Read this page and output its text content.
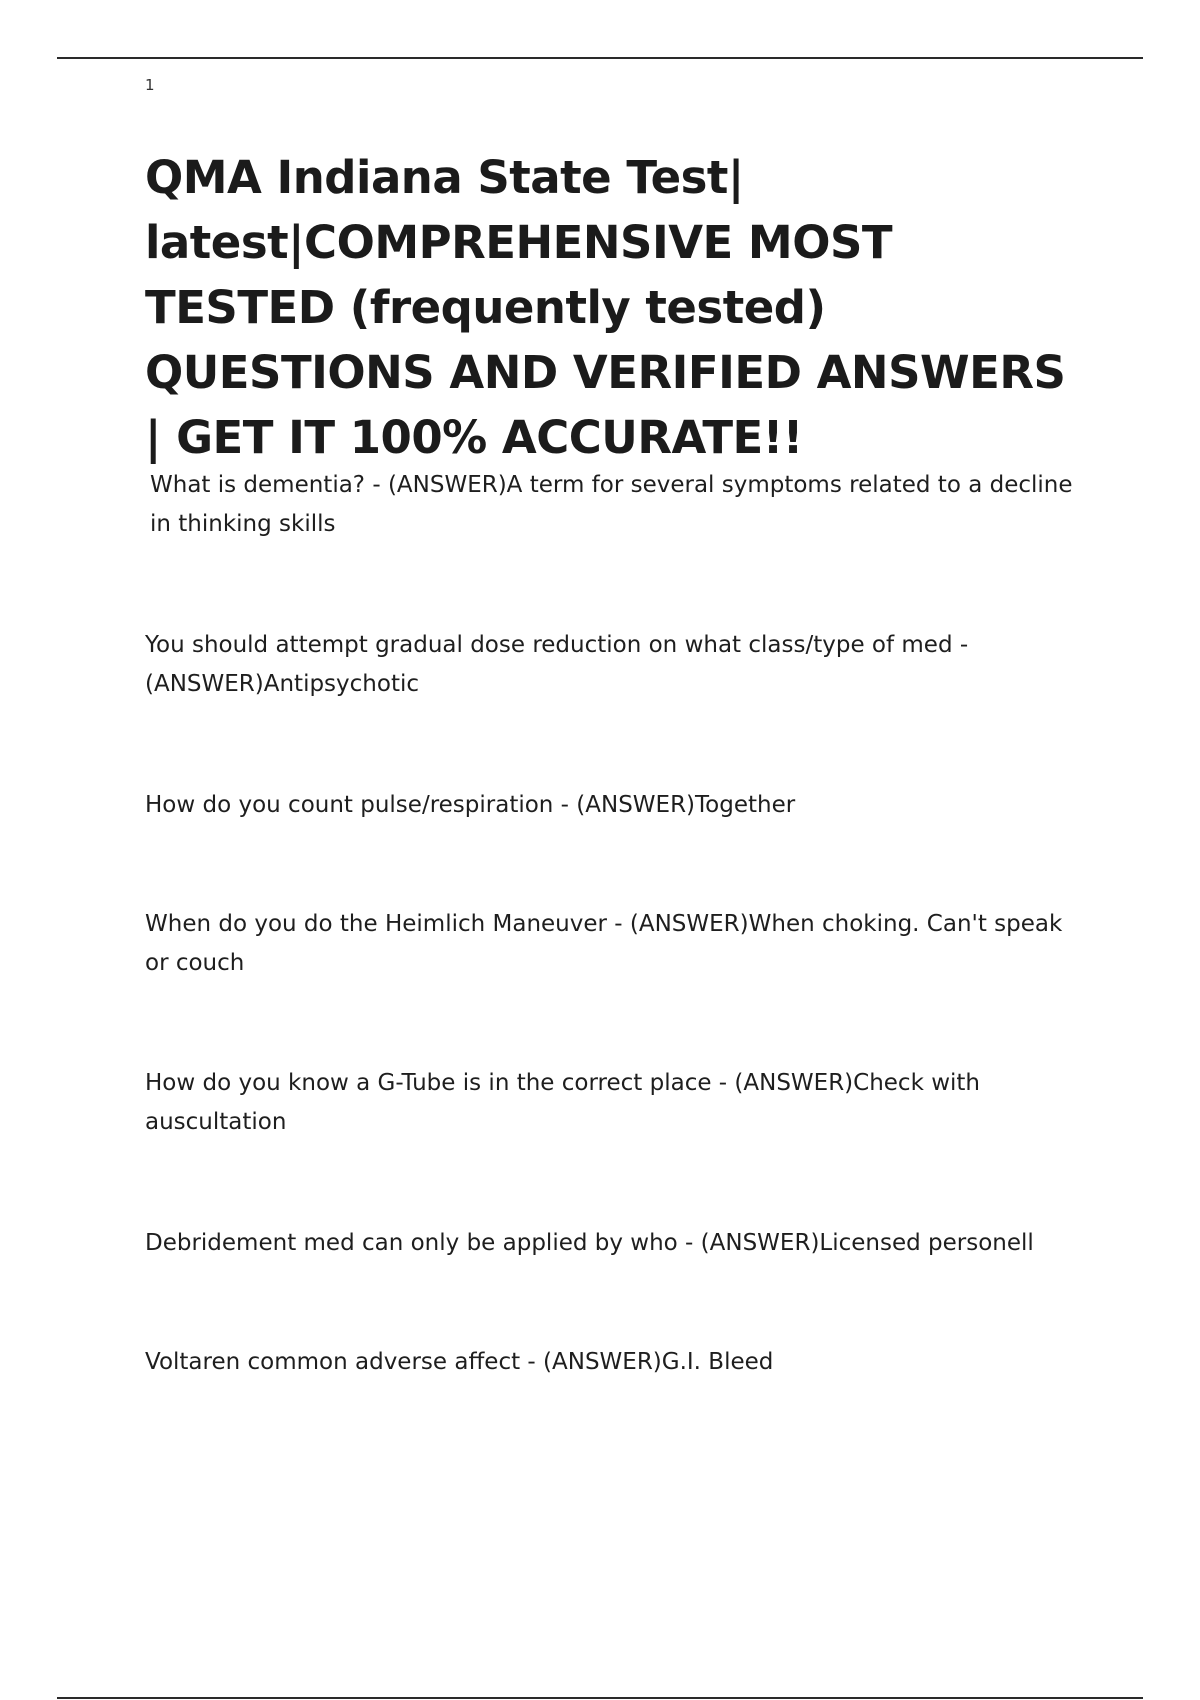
1
QMA Indiana State Test| latest|COMPREHENSIVE MOST TESTED (frequently tested) QUESTIONS AND VERIFIED ANSWERS | GET IT 100% ACCURATE!!

What is dementia? - (ANSWER)A term for several symptoms related to a decline in thinking skills

You should attempt gradual dose reduction on what class/type of med - (ANSWER)Antipsychotic

How do you count pulse/respiration - (ANSWER)Together

When do you do the Heimlich Maneuver - (ANSWER)When choking. Can't speak or couch

How do you know a G-Tube is in the correct place - (ANSWER)Check with auscultation

Debridement med can only be applied by who - (ANSWER)Licensed personell

Voltaren common adverse affect - (ANSWER)G.I. Bleed
